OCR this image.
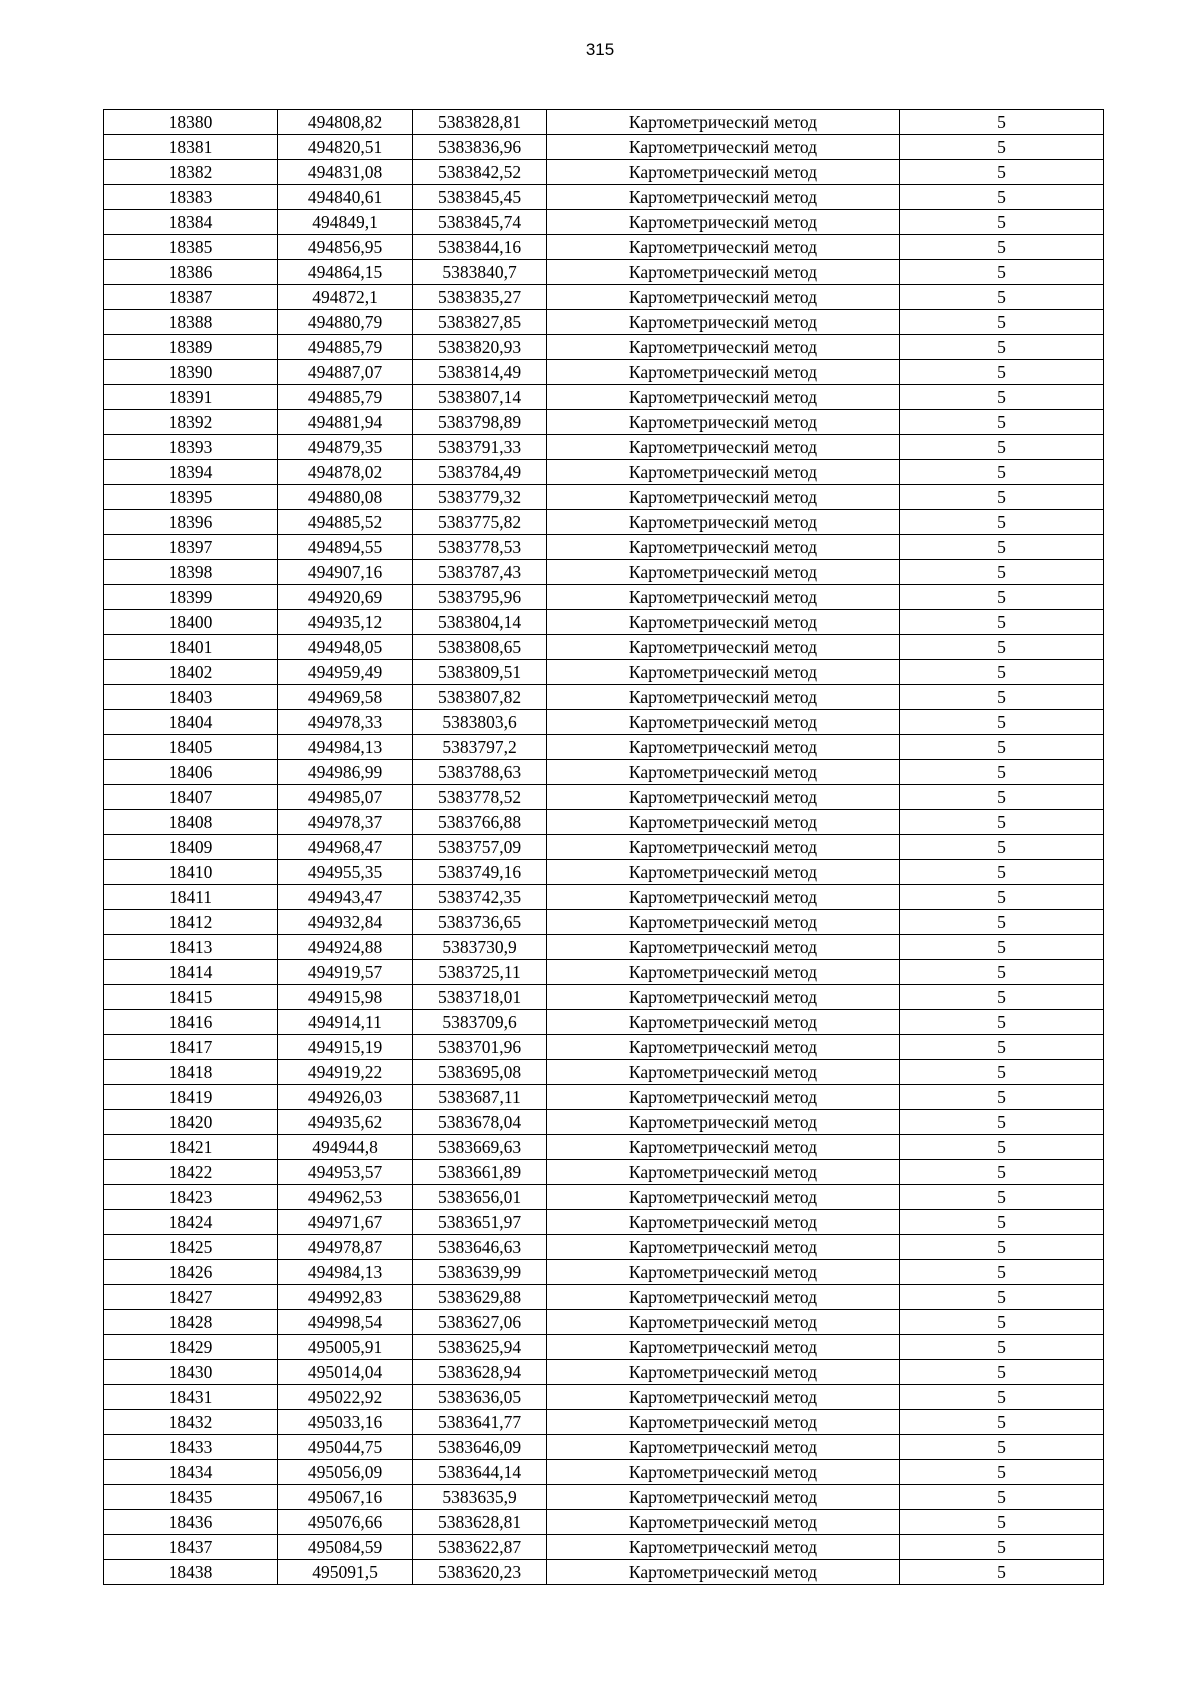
315
18380	494808,82	5383828,81	Картометрический метод	5
18381	494820,51	5383836,96	Картометрический метод	5
18382	494831,08	5383842,52	Картометрический метод	5
18383	494840,61	5383845,45	Картометрический метод	5
18384	494849,1	5383845,74	Картометрический метод	5
18385	494856,95	5383844,16	Картометрический метод	5
18386	494864,15	5383840,7	Картометрический метод	5
18387	494872,1	5383835,27	Картометрический метод	5
18388	494880,79	5383827,85	Картометрический метод	5
18389	494885,79	5383820,93	Картометрический метод	5
18390	494887,07	5383814,49	Картометрический метод	5
18391	494885,79	5383807,14	Картометрический метод	5
18392	494881,94	5383798,89	Картометрический метод	5
18393	494879,35	5383791,33	Картометрический метод	5
18394	494878,02	5383784,49	Картометрический метод	5
18395	494880,08	5383779,32	Картометрический метод	5
18396	494885,52	5383775,82	Картометрический метод	5
18397	494894,55	5383778,53	Картометрический метод	5
18398	494907,16	5383787,43	Картометрический метод	5
18399	494920,69	5383795,96	Картометрический метод	5
18400	494935,12	5383804,14	Картометрический метод	5
18401	494948,05	5383808,65	Картометрический метод	5
18402	494959,49	5383809,51	Картометрический метод	5
18403	494969,58	5383807,82	Картометрический метод	5
18404	494978,33	5383803,6	Картометрический метод	5
18405	494984,13	5383797,2	Картометрический метод	5
18406	494986,99	5383788,63	Картометрический метод	5
18407	494985,07	5383778,52	Картометрический метод	5
18408	494978,37	5383766,88	Картометрический метод	5
18409	494968,47	5383757,09	Картометрический метод	5
18410	494955,35	5383749,16	Картометрический метод	5
18411	494943,47	5383742,35	Картометрический метод	5
18412	494932,84	5383736,65	Картометрический метод	5
18413	494924,88	5383730,9	Картометрический метод	5
18414	494919,57	5383725,11	Картометрический метод	5
18415	494915,98	5383718,01	Картометрический метод	5
18416	494914,11	5383709,6	Картометрический метод	5
18417	494915,19	5383701,96	Картометрический метод	5
18418	494919,22	5383695,08	Картометрический метод	5
18419	494926,03	5383687,11	Картометрический метод	5
18420	494935,62	5383678,04	Картометрический метод	5
18421	494944,8	5383669,63	Картометрический метод	5
18422	494953,57	5383661,89	Картометрический метод	5
18423	494962,53	5383656,01	Картометрический метод	5
18424	494971,67	5383651,97	Картометрический метод	5
18425	494978,87	5383646,63	Картометрический метод	5
18426	494984,13	5383639,99	Картометрический метод	5
18427	494992,83	5383629,88	Картометрический метод	5
18428	494998,54	5383627,06	Картометрический метод	5
18429	495005,91	5383625,94	Картометрический метод	5
18430	495014,04	5383628,94	Картометрический метод	5
18431	495022,92	5383636,05	Картометрический метод	5
18432	495033,16	5383641,77	Картометрический метод	5
18433	495044,75	5383646,09	Картометрический метод	5
18434	495056,09	5383644,14	Картометрический метод	5
18435	495067,16	5383635,9	Картометрический метод	5
18436	495076,66	5383628,81	Картометрический метод	5
18437	495084,59	5383622,87	Картометрический метод	5
18438	495091,5	5383620,23	Картометрический метод	5
